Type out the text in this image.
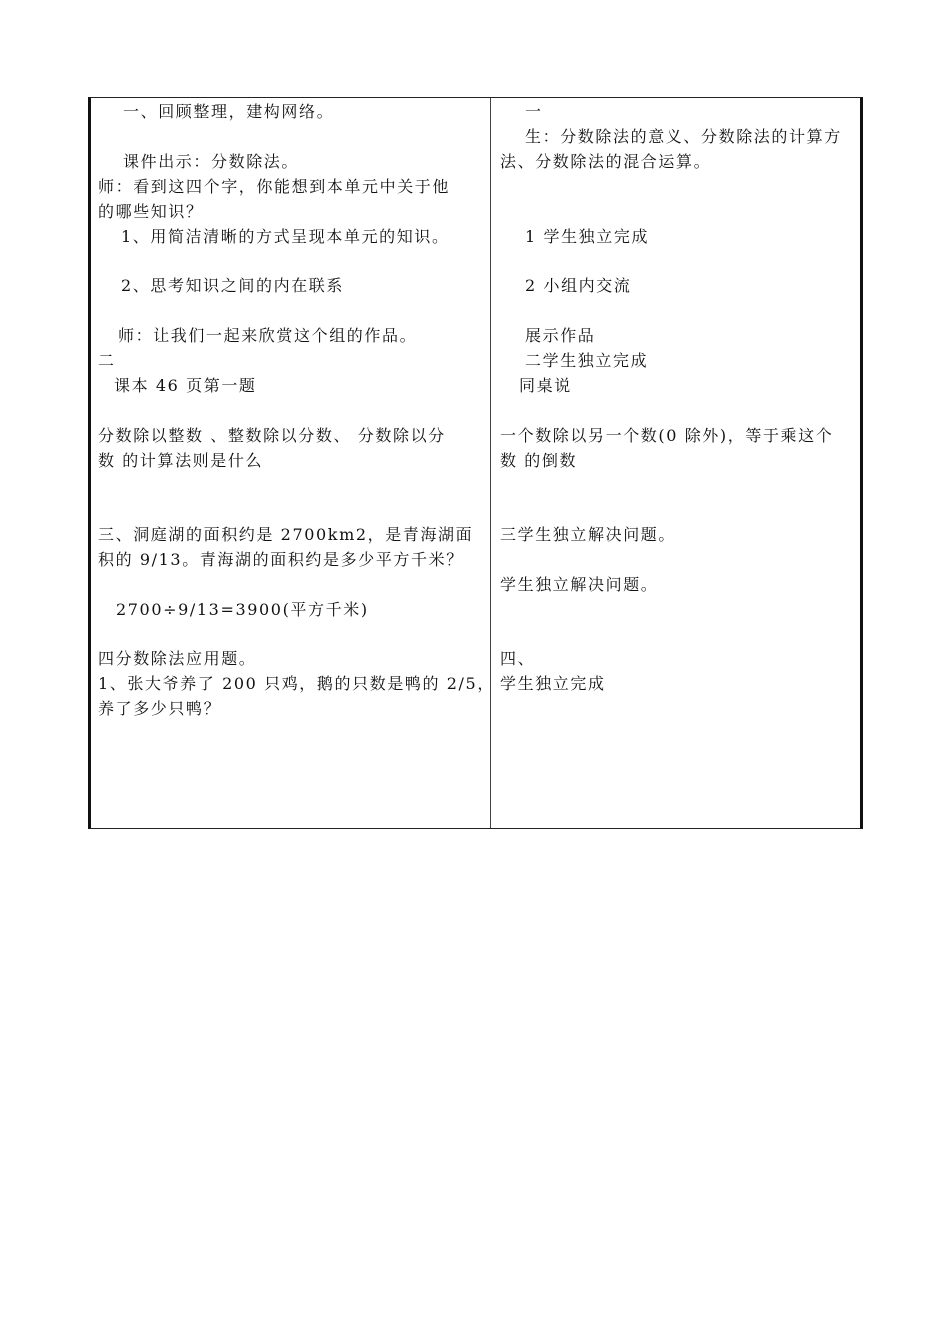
一、回顾整理，建构网络。
课件出示：分数除法。
师：看到这四个字，你能想到本单元中关于他
的哪些知识？
1、用简洁清晰的方式呈现本单元的知识。
2、思考知识之间的内在联系
师：让我们一起来欣赏这个组的作品。
二
课本 46 页第一题
分数除以整数 、整数除以分数、 分数除以分
数 的计算法则是什么
三、洞庭湖的面积约是 2700km2，是青海湖面
积的 9/13。青海湖的面积约是多少平方千米？
2700÷9/13=3900(平方千米)
四分数除法应用题。
1、张大爷养了 200 只鸡，鹅的只数是鸭的 2/5，
养了多少只鸭？
一
生：分数除法的意义、分数除法的计算方
法、分数除法的混合运算。
1 学生独立完成
2 小组内交流
展示作品
二学生独立完成
同桌说
一个数除以另一个数(0 除外)，等于乘这个
数 的倒数
三学生独立解决问题。
学生独立解决问题。
四、
学生独立完成
